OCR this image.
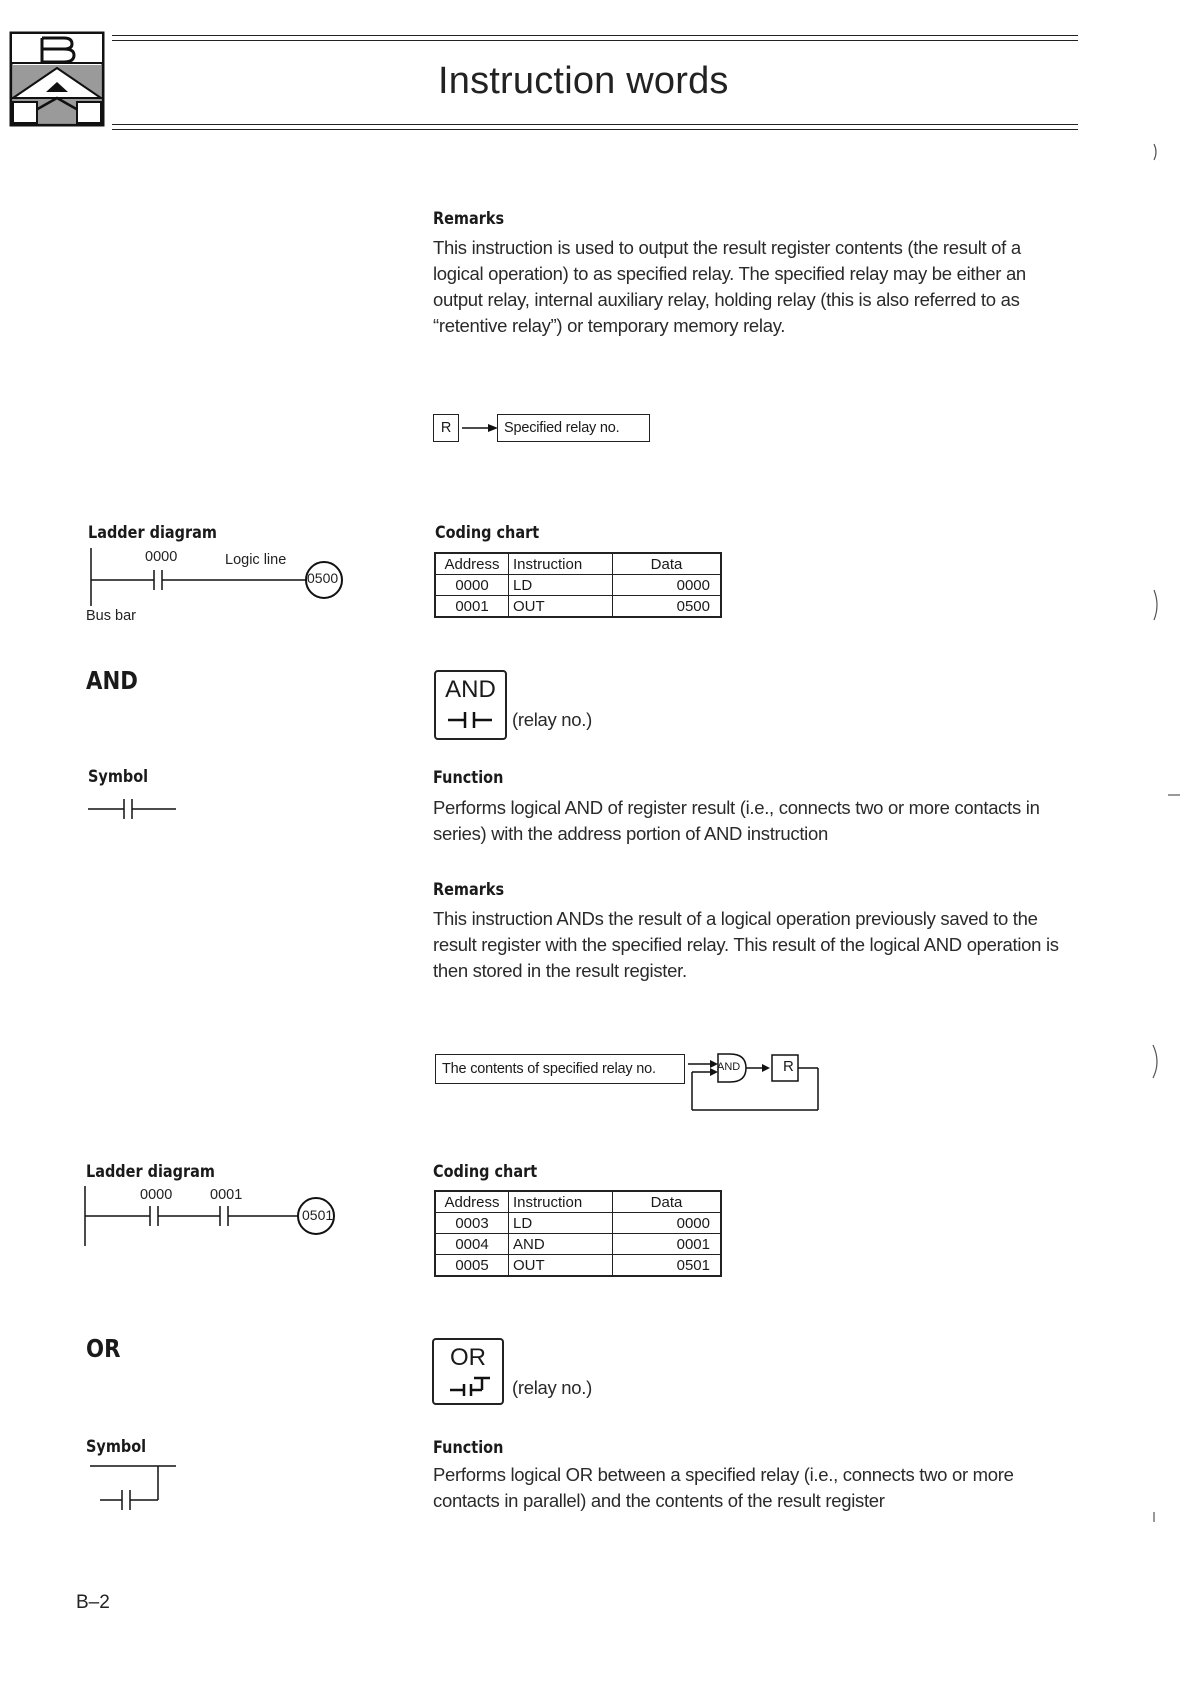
Instruction words
Remarks
This instruction is used to output the result register contents (the result of a logical operation) to as specified relay. The specified relay may be either an output relay, internal auxiliary relay, holding relay (this is also referred to as “retentive relay”) or temporary memory relay.
R	Specified relay no.
Ladder diagram
0000	Logic line
0500
Bus bar
Coding chart
Address	Instruction	Data
0000	LD	0000
0001	OUT	0500
AND	AND
(relay no.)
Symbol	Function
Performs logical AND of register result (i.e., connects two or more contacts in series) with the address portion of AND instruction
Remarks
This instruction ANDs the result of a logical operation previously saved to the result register with the specified relay. This result of the logical AND operation is then stored in the result register.
The contents of specified relay no.	AND	R
Ladder diagram
0000	0001
0501
Coding chart
Address	Instruction	Data
0003	LD	0000
0004	AND	0001
0005	OUT	0501
OR	OR
(relay no.)
Symbol	Function
Performs logical OR between a specified relay (i.e., connects two or more contacts in parallel) and the contents of the result register
B–2
